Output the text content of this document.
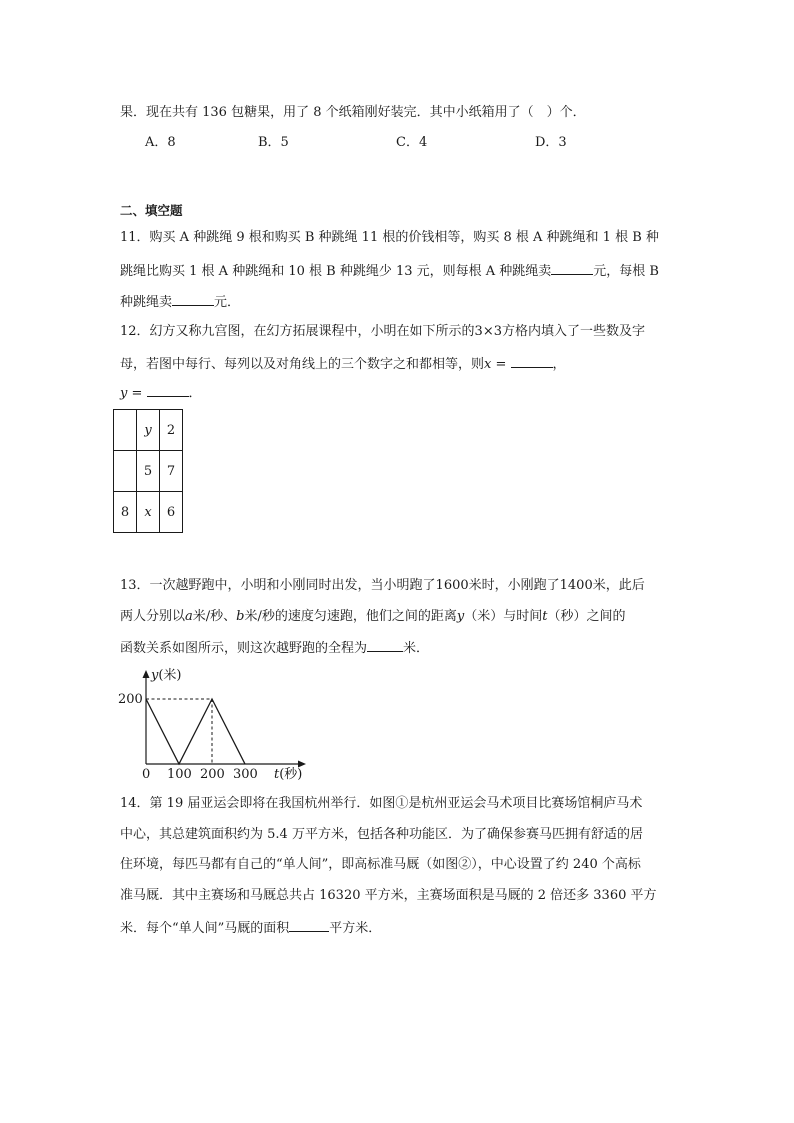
果．现在共有 136 包糖果，用了 8 个纸箱刚好装完．其中小纸箱用了（　）个．
A．8	B．5	C．4	D．3
二、填空题
11．购买 A 种跳绳 9 根和购买 B 种跳绳 11 根的价钱相等，购买 8 根 A 种跳绳和 1 根 B 种
跳绳比购买 1 根 A 种跳绳和 10 根 B 种跳绳少 13 元，则每根 A 种跳绳卖	元，每根 B
种跳绳卖	元．
12．幻方又称九宫图，在幻方拓展课程中，小明在如下所示的3×3方格内填入了一些数及字
母，若图中每行、每列以及对角线上的三个数字之和都相等，则x =	，
y =	．
	y	2
	5	7
8	x	6
13．一次越野跑中，小明和小刚同时出发，当小明跑了1600米时，小刚跑了1400米，此后
两人分别以a米/秒、b米/秒的速度匀速跑，他们之间的距离y（米）与时间t（秒）之间的
函数关系如图所示，则这次越野跑的全程为	米．
y(米)
200
0 100 200 300 t(秒)
14．第 19 届亚运会即将在我国杭州举行．如图①是杭州亚运会马术项目比赛场馆桐庐马术
中心，其总建筑面积约为 5.4 万平方米，包括各种功能区．为了确保参赛马匹拥有舒适的居
住环境，每匹马都有自己的“单人间”，即高标准马厩（如图②），中心设置了约 240 个高标
准马厩．其中主赛场和马厩总共占 16320 平方米，主赛场面积是马厩的 2 倍还多 3360 平方
米．每个“单人间”马厩的面积	平方米．
